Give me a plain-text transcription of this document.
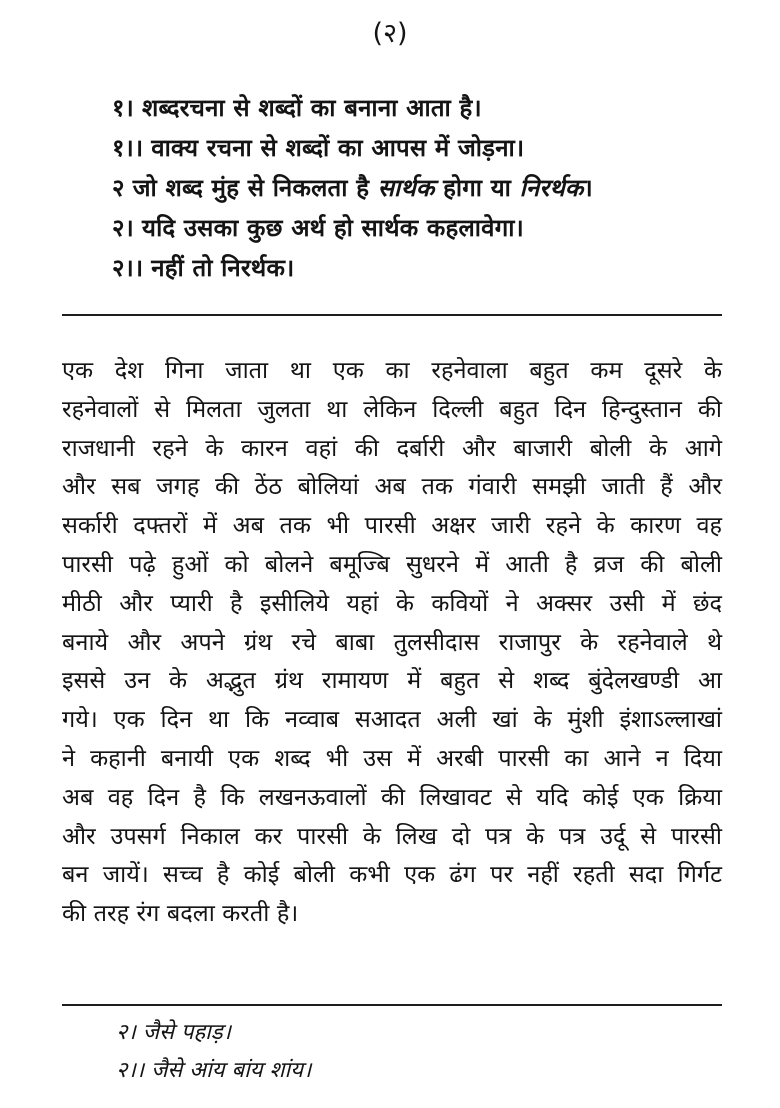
(२)
१। शब्दरचना से शब्दों का बनाना आता है।
१।। वाक्य रचना से शब्दों का आपस में जोड़ना।
२ जो शब्द मुंह से निकलता है सार्थक होगा या निरर्थक।
२। यदि उसका कुछ अर्थ हो सार्थक कहलावेगा।
२।। नहीं तो निरर्थक।
एक देश गिना जाता था एक का रहनेवाला बहुत कम दूसरे के
रहनेवालों से मिलता जुलता था लेकिन दिल्ली बहुत दिन हिन्दुस्तान की
राजधानी रहने के कारन वहां की दर्बारी और बाजारी बोली के आगे
और सब जगह की ठेंठ बोलियां अब तक गंवारी समझी जाती हैं और
सर्कारी दफ्तरों में अब तक भी पारसी अक्षर जारी रहने के कारण वह
पारसी पढ़े हुओं को बोलने बमूज्बि सुधरने में आती है व्रज की बोली
मीठी और प्यारी है इसीलिये यहां के कवियों ने अक्सर उसी में छंद
बनाये और अपने ग्रंथ रचे बाबा तुलसीदास राजापुर के रहनेवाले थे
इससे उन के अद्भुत ग्रंथ रामायण में बहुत से शब्द बुंदेलखण्डी आ
गये। एक दिन था कि नव्वाब सआदत अली खां के मुंशी इंशाऽल्लाखां
ने कहानी बनायी एक शब्द भी उस में अरबी पारसी का आने न दिया
अब वह दिन है कि लखनऊवालों की लिखावट से यदि कोई एक क्रिया
और उपसर्ग निकाल कर पारसी के लिख दो पत्र के पत्र उर्दू से पारसी
बन जायें। सच्च है कोई बोली कभी एक ढंग पर नहीं रहती सदा गिर्गट
की तरह रंग बदला करती है।
२। जैसे पहाड़।
२।। जैसे आंय बांय शांय।
